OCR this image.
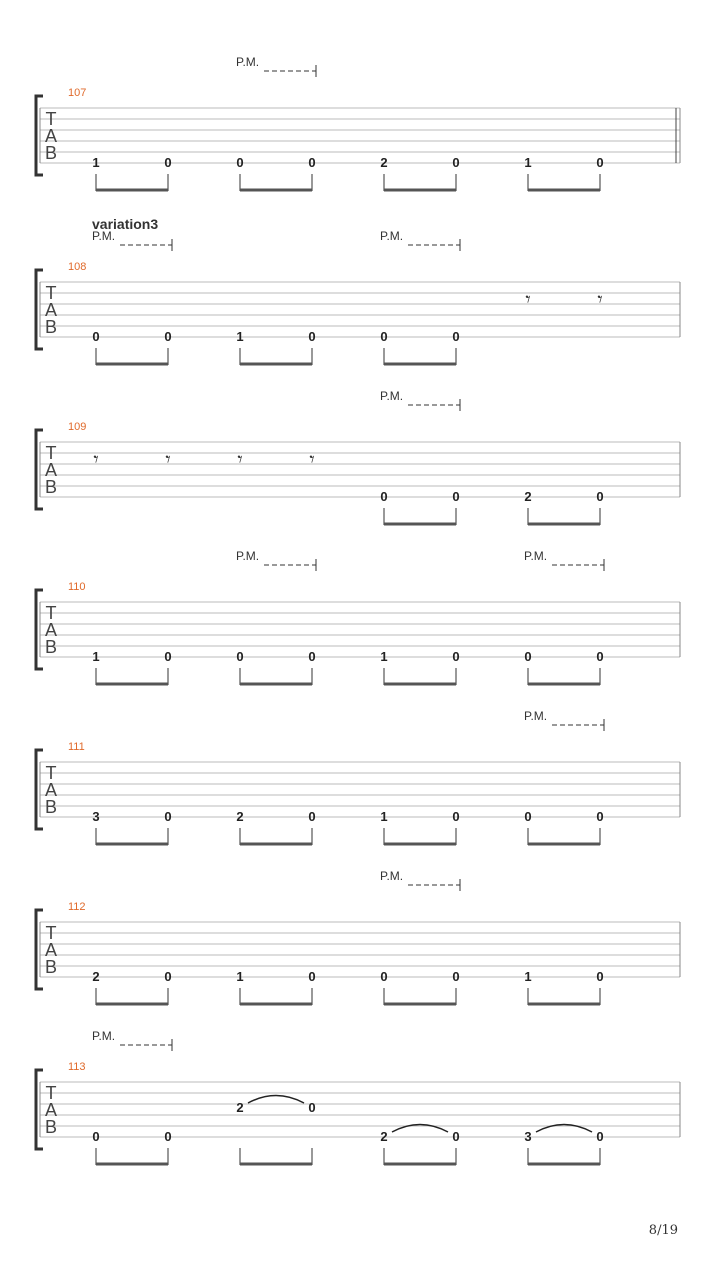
T
A
B
107
P.M.
1	0	0	0	2	0	1	0
T
A
B
108
variation3
P.M.	P.M.
0	0	1	0	0	0
𝄾	𝄾
T
A
B
109
P.M.
𝄾	𝄾	𝄾	𝄾
0	0	2	0
T
A
B
110
P.M.	P.M.
1	0	0	0	1	0	0	0
T
A
B
111
P.M.
3	0	2	0	1	0	0	0
T
A
B
112
P.M.
2	0	1	0	0	0	1	0
T
A
B
113
P.M.
0	0
2	0
2	0	3	0
8/19
